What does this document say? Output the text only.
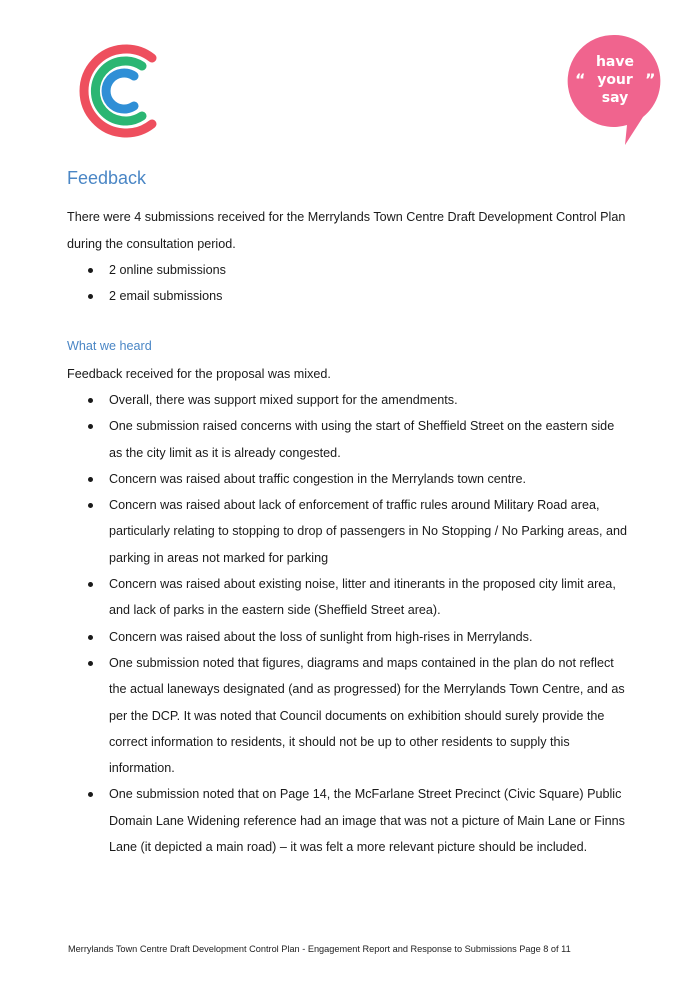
“	”
have
your
say
Feedback

There were 4 submissions received for the Merrylands Town Centre Draft Development Control Plan during the consultation period.

2 online submissions
2 email submissions
What we heard

Feedback received for the proposal was mixed.

Overall, there was support mixed support for the amendments.
One submission raised concerns with using the start of Sheffield Street on the eastern side as the city limit as it is already congested.
Concern was raised about traffic congestion in the Merrylands town centre.
Concern was raised about lack of enforcement of traffic rules around Military Road area, particularly relating to stopping to drop of passengers in No Stopping / No Parking areas, and parking in areas not marked for parking
Concern was raised about existing noise, litter and itinerants in the proposed city limit area, and lack of parks in the eastern side (Sheffield Street area).
Concern was raised about the loss of sunlight from high-rises in Merrylands.
One submission noted that figures, diagrams and maps contained in the plan do not reflect the actual laneways designated (and as progressed) for the Merrylands Town Centre, and as per the DCP. It was noted that Council documents on exhibition should surely provide the correct information to residents, it should not be up to other residents to supply this information.
One submission noted that on Page 14, the McFarlane Street Precinct (Civic Square) Public Domain Lane Widening reference had an image that was not a picture of Main Lane or Finns Lane (it depicted a main road) – it was felt a more relevant picture should be included.
Merrylands Town Centre Draft Development Control Plan - Engagement Report and Response to Submissions Page 8 of 11
